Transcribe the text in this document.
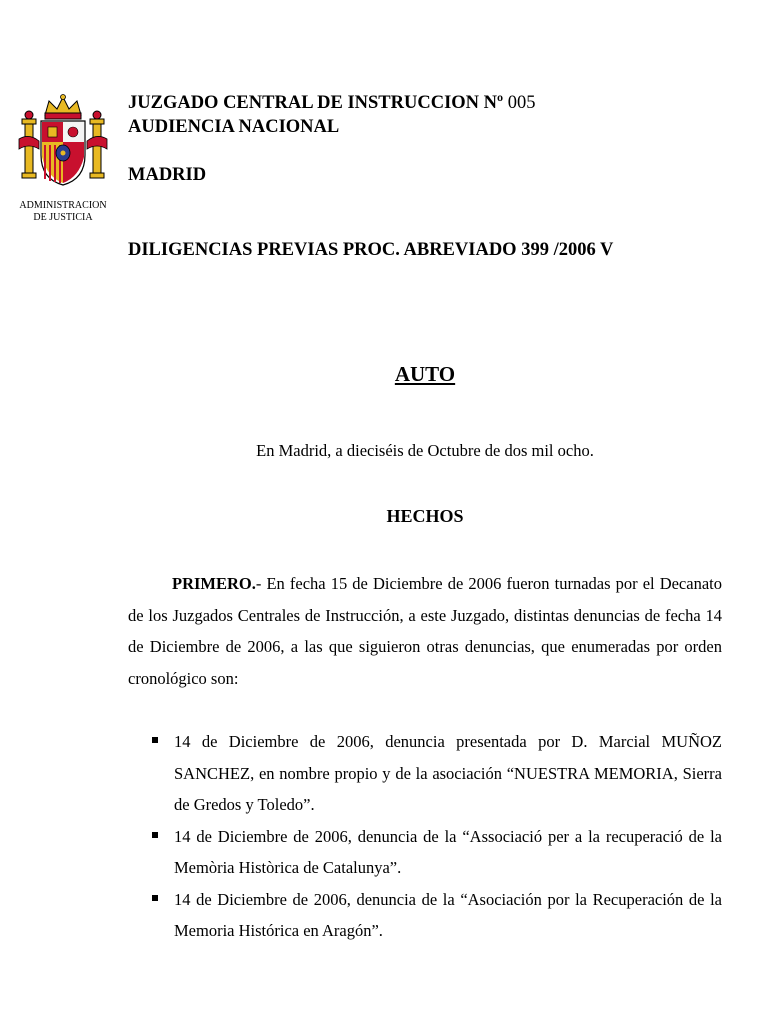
ADMINISTRACION
DE JUSTICIA
JUZGADO CENTRAL DE INSTRUCCION Nº 005
AUDIENCIA NACIONAL
MADRID
DILIGENCIAS PREVIAS PROC. ABREVIADO 399 /2006 V
AUTO
En Madrid, a dieciséis de Octubre de dos mil ocho.
HECHOS
PRIMERO.- En fecha 15 de Diciembre de 2006 fueron turnadas por el Decanato de los Juzgados Centrales de Instrucción, a este Juzgado, distintas denuncias de fecha 14 de Diciembre de 2006, a las que siguieron otras denuncias, que enumeradas por orden cronológico son:
14 de Diciembre de 2006, denuncia presentada por D. Marcial MUÑOZ SANCHEZ, en nombre propio y de la asociación “NUESTRA MEMORIA, Sierra de Gredos y Toledo”.
14 de Diciembre de 2006, denuncia de la “Associació per a la recuperació de la Memòria Històrica de Catalunya”.
14 de Diciembre de 2006, denuncia de la “Asociación por la Recuperación de la Memoria Histórica en Aragón”.
